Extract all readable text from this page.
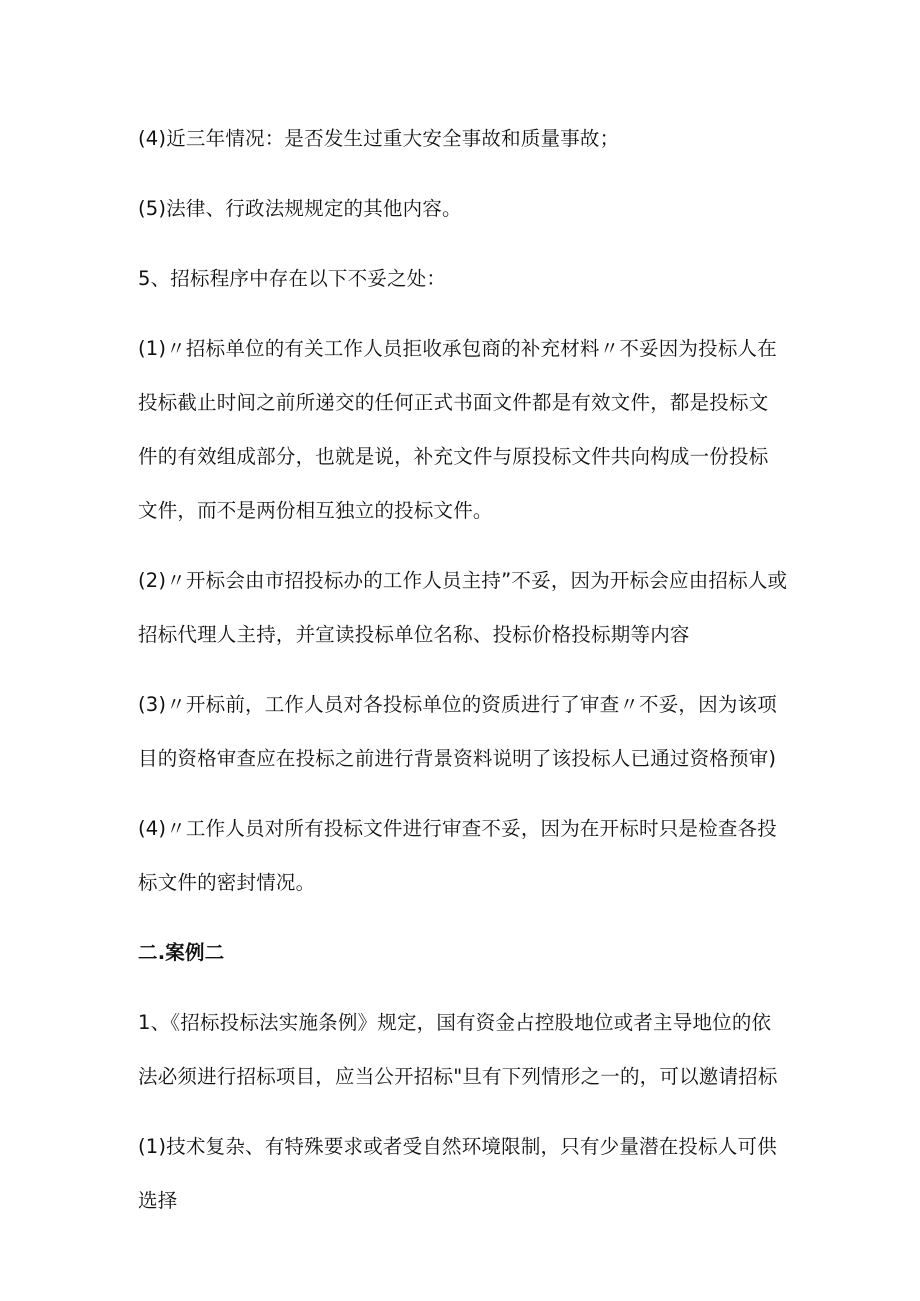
(4)近三年情况：是否发生过重大安全事故和质量事故；

(5)法律、行政法规规定的其他内容。

5、招标程序中存在以下不妥之处：

(1)〃招标单位的有关工作人员拒收承包商的补充材料〃不妥因为投标人在投标截止时间之前所递交的任何正式书面文件都是有效文件，都是投标文件的有效组成部分，也就是说，补充文件与原投标文件共向构成一份投标文件，而不是两份相互独立的投标文件。

(2)〃开标会由市招投标办的工作人员主持”不妥，因为开标会应由招标人或招标代理人主持，并宣读投标单位名称、投标价格投标期等内容

(3)〃开标前，工作人员对各投标单位的资质进行了审查〃不妥，因为该项目的资格审查应在投标之前进行背景资料说明了该投标人已通过资格预审)

(4)〃工作人员对所有投标文件进行审查不妥，因为在开标时只是检查各投标文件的密封情况。

二.案例二

1、《招标投标法实施条例》规定，国有资金占控股地位或者主导地位的依法必须进行招标项目，应当公开招标"旦有下列情形之一的，可以邀请招标

(1)技术复杂、有特殊要求或者受自然环境限制，只有少量潜在投标人可供选择
